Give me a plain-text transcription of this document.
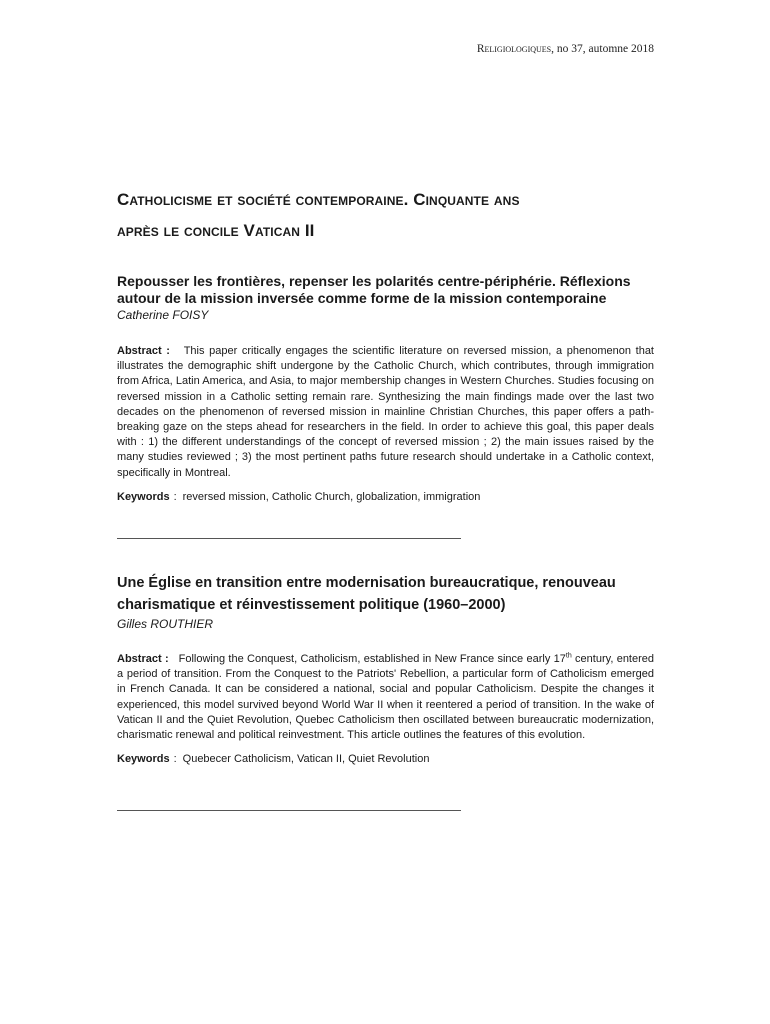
Religiologiques, no 37, automne 2018
Catholicisme et société contemporaine. Cinquante ans
après le concile Vatican II
Repousser les frontières, repenser les polarités centre-périphérie. Réflexions
autour de la mission inversée comme forme de la mission contemporaine

Catherine FOISY

Abstract : This paper critically engages the scientific literature on reversed mission, a phenomenon that illustrates the demographic shift undergone by the Catholic Church, which contributes, through immigration from Africa, Latin America, and Asia, to major membership changes in Western Churches. Studies focusing on reversed mission in a Catholic setting remain rare. Synthesizing the main findings made over the last two decades on the phenomenon of reversed mission in mainline Christian Churches, this paper offers a path-breaking gaze on the steps ahead for researchers in the field. In order to achieve this goal, this paper deals with : 1) the different understandings of the concept of reversed mission ; 2) the main issues raised by the many studies reviewed ; 3) the most pertinent paths future research should undertake in a Catholic context, specifically in Montreal.

Keywords : reversed mission, Catholic Church, globalization, immigration

Une Église en transition entre modernisation bureaucratique, renouveau
charismatique et réinvestissement politique (1960–2000)

Gilles ROUTHIER

Abstract : Following the Conquest, Catholicism, established in New France since early 17th century, entered a period of transition. From the Conquest to the Patriots' Rebellion, a particular form of Catholicism emerged in French Canada. It can be considered a national, social and popular Catholicism. Despite the changes it experienced, this model survived beyond World War II when it reentered a period of transition. In the wake of Vatican II and the Quiet Revolution, Quebec Catholicism then oscillated between bureaucratic modernization, charismatic renewal and political reinvestment. This article outlines the features of this evolution.

Keywords : Quebecer Catholicism, Vatican II, Quiet Revolution
